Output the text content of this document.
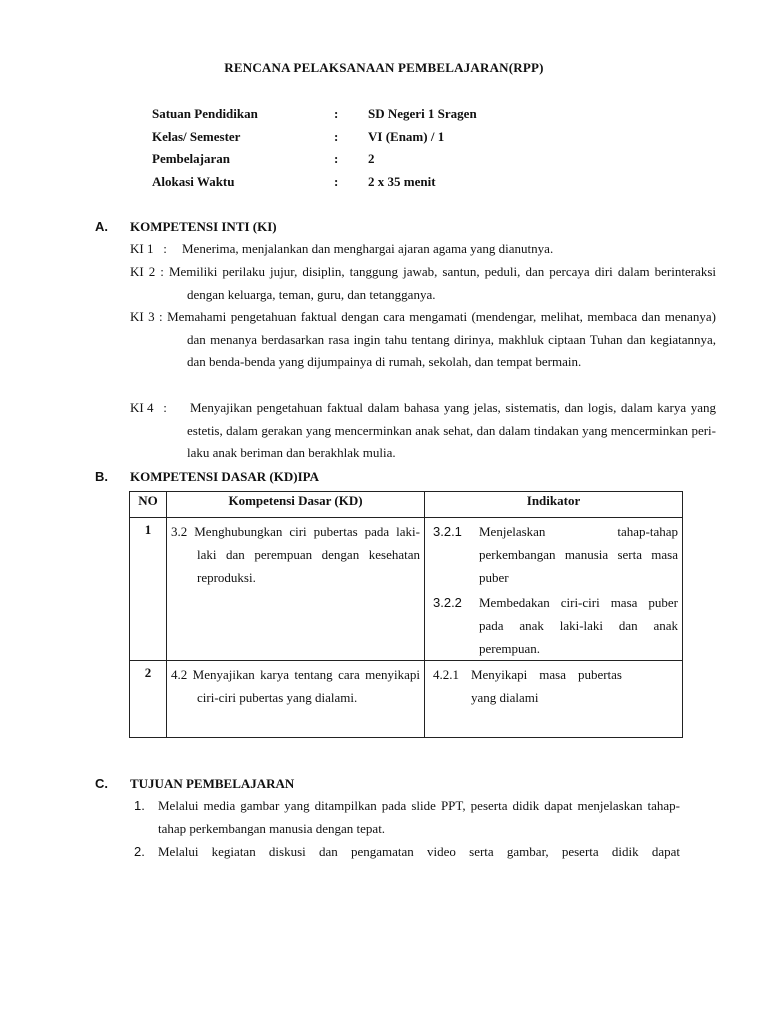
RENCANA PELAKSANAAN PEMBELAJARAN(RPP)
Satuan Pendidikan	: SD Negeri 1 Sragen
Kelas/ Semester	: VI (Enam) / 1
Pembelajaran	: 2
Alokasi Waktu	: 2 x 35 menit
A. KOMPETENSI INTI (KI)
KI 1   :	Menerima, menjalankan dan menghargai ajaran agama yang dianutnya.
KI 2 : Memiliki perilaku jujur, disiplin, tanggung jawab, santun, peduli, dan percaya diri dalam berinteraksi dengan keluarga, teman, guru, dan tetangganya.
KI 3 : Memahami pengetahuan faktual dengan cara mengamati (mendengar, melihat, membaca dan menanya) dan menanya berdasarkan rasa ingin tahu tentang dirinya, makhluk ciptaan Tuhan dan kegiatannya, dan benda-benda yang dijumpainya di rumah, sekolah, dan tempat bermain.
KI 4   :	Menyajikan pengetahuan faktual dalam bahasa yang jelas, sistematis, dan logis, dalam karya yang estetis, dalam gerakan yang mencerminkan anak sehat, dan dalam tindakan yang mencerminkan peri-laku anak beriman dan berakhlak mulia.
B. KOMPETENSI DASAR (KD)IPA
NO	Kompetensi Dasar (KD)	Indikator

1	3.2 Menghubungkan ciri pubertas pada laki-laki dan perempuan dengan kesehatan reproduksi.	3.2.1 Menjelaskan tahap-tahap perkembangan manusia serta masa puber
3.2.2 Membedakan ciri-ciri masa puber pada anak laki-laki dan anak perempuan.

2	4.2 Menyajikan karya tentang cara menyikapi ciri-ciri pubertas yang dialami.	4.2.1 Menyikapi masa pubertas yang dialami
C. TUJUAN PEMBELAJARAN
1. Melalui media gambar yang ditampilkan pada slide PPT, peserta didik dapat menjelaskan tahap-tahap perkembangan manusia dengan tepat.
2. Melalui kegiatan diskusi dan pengamatan video serta gambar, peserta didik dapat
